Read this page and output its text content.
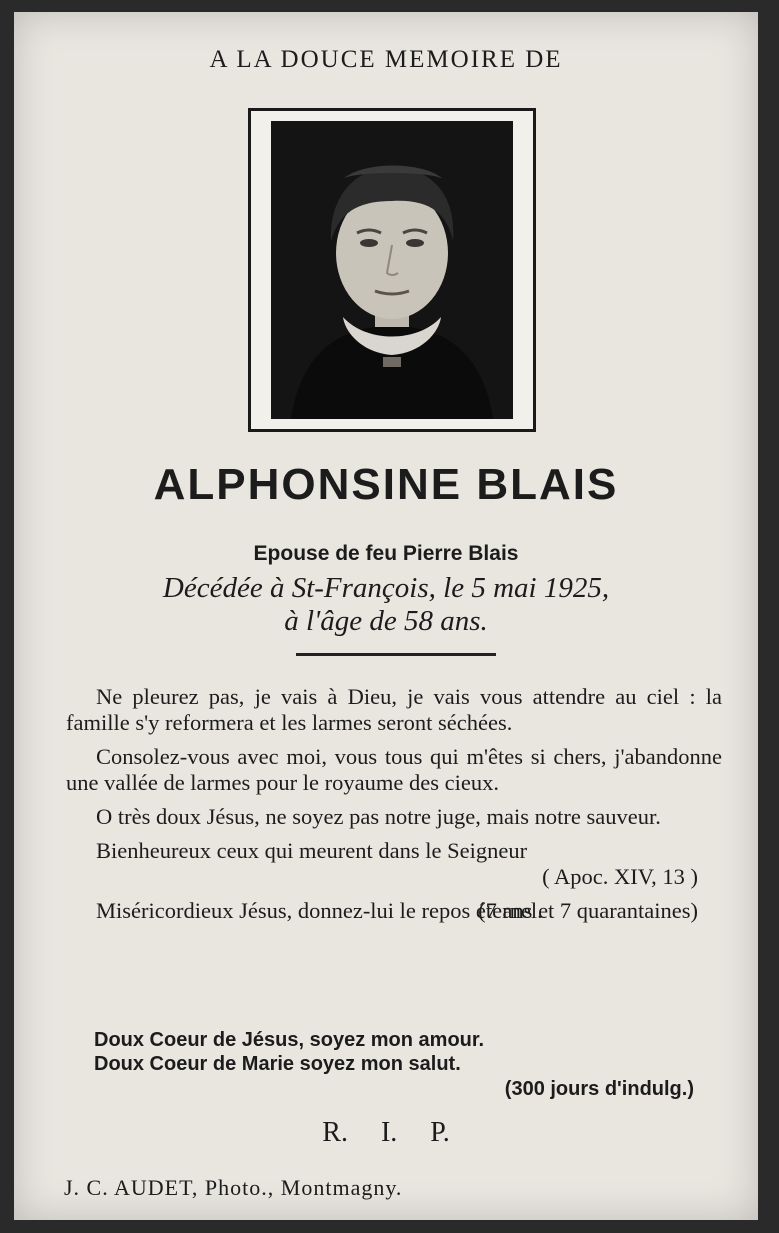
A LA DOUCE MEMOIRE DE
ALPHONSINE BLAIS
Epouse de feu Pierre Blais
Décédée à St-François, le 5 mai 1925,
à l'âge de 58 ans.

Ne pleurez pas, je vais à Dieu, je vais vous attendre au ciel : la famille s'y reformera et les larmes seront séchées.

Consolez-vous avec moi, vous tous qui m'êtes si chers, j'abandonne une vallée de larmes pour le royaume des cieux.

O très doux Jésus, ne soyez pas notre juge, mais notre sauveur.

Bienheureux ceux qui meurent dans le Seigneur

( Apoc. XIV, 13 )

Miséricordieux Jésus, donnez-lui le repos éternel.

(7 ans et 7 quarantaines)
Doux Coeur de Jésus, soyez mon amour.
Doux Coeur de Marie soyez mon salut.
(300 jours d'indulg.)
R. I. P.
J. C. AUDET, Photo., Montmagny.
